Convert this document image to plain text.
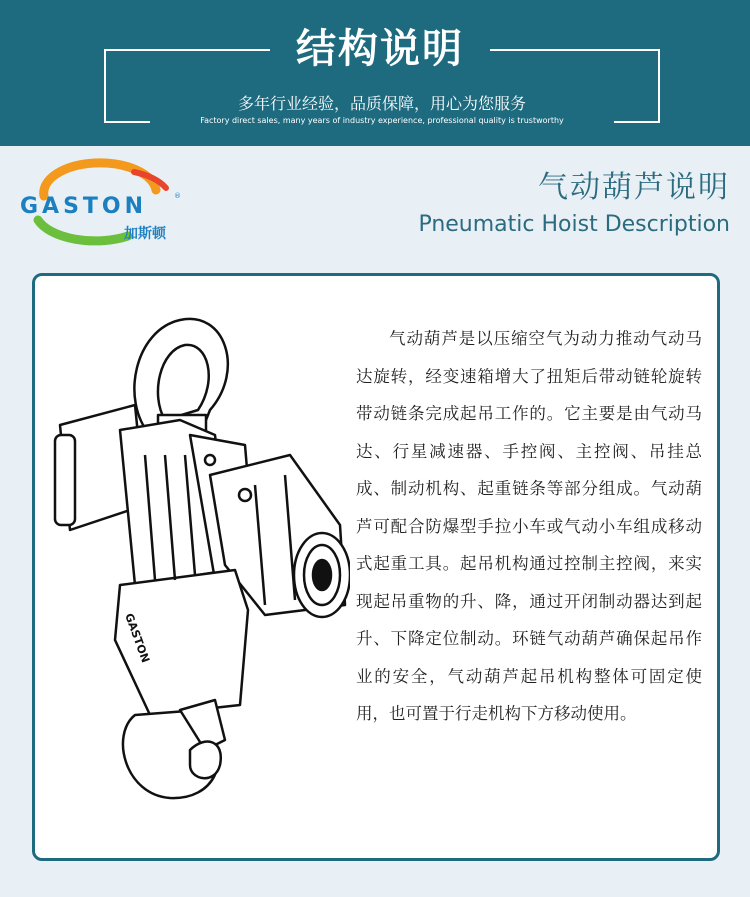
结构说明
多年行业经验，品质保障，用心为您服务
Factory direct sales, many years of industry experience, professional quality is trustworthy
GASTON	®
加斯顿
气动葫芦说明
Pneumatic Hoist Description
GASTON
气动葫芦是以压缩空气为动力推动气动马达旋转，经变速箱增大了扭矩后带动链轮旋转带动链条完成起吊工作的。它主要是由气动马达、行星减速器、手控阀、主控阀、吊挂总成、制动机构、起重链条等部分组成。气动葫芦可配合防爆型手拉小车或气动小车组成移动式起重工具。起吊机构通过控制主控阀，来实现起吊重物的升、降，通过开闭制动器达到起升、下降定位制动。环链气动葫芦确保起吊作业的安全，气动葫芦起吊机构整体可固定使用，也可置于行走机构下方移动使用。
